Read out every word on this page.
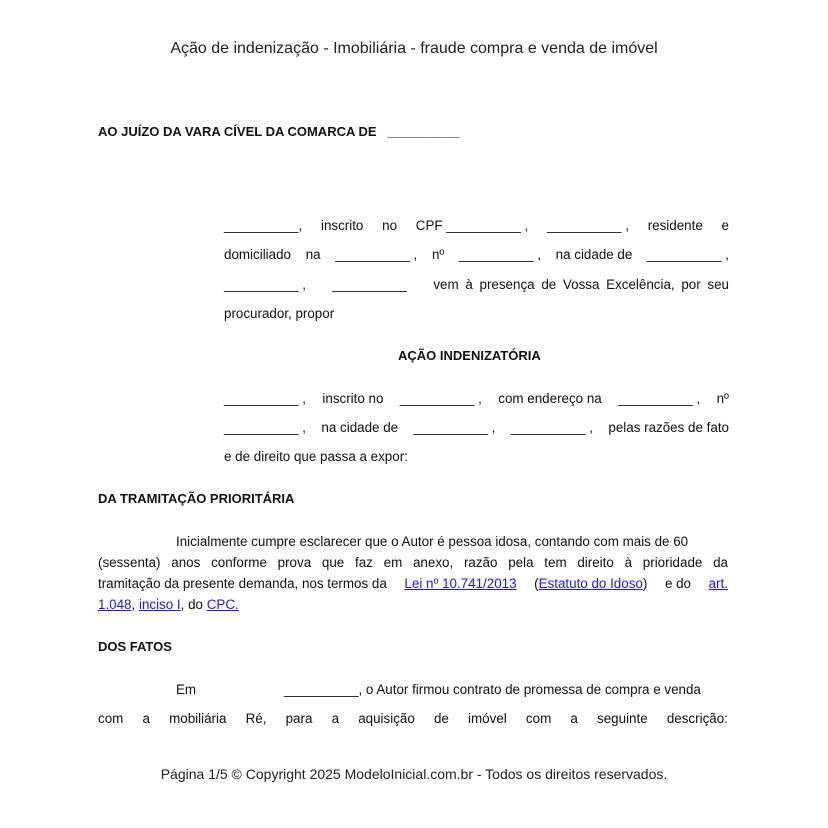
Ação de indenização - Imobiliária - fraude compra e venda de imóvel
AO JUÍZO DA VARA CÍVEL DA COMARCA DE __________
__________, inscrito no CPF __________ , __________ , residente e
domiciliado na __________ , nº __________ , na cidade de __________ ,
__________ , __________ vem à presença de Vossa Excelência, por seu
procurador, propor
AÇÃO INDENIZATÓRIA
__________ , inscrito no __________ , com endereço na __________ , nº
__________ , na cidade de __________ , __________ , pelas razões de fato
e de direito que passa a expor:
DA TRAMITAÇÃO PRIORITÁRIA
Inicialmente cumpre esclarecer que o Autor é pessoa idosa, contando com mais de 60
(sessenta) anos conforme prova que faz em anexo, razão pela tem direito à prioridade da
tramitação da presente demanda, nos termos da Lei nº 10.741/2013 (Estatuto do Idoso) e do art.
1.048, inciso I, do CPC.
DOS FATOS
Em	__________, o Autor firmou contrato de promessa de compra e venda
com a mobiliária Ré, para a aquisição de imóvel com a seguinte descrição:
Página 1/5 © Copyright 2025 ModeloInicial.com.br - Todos os direitos reservados.
